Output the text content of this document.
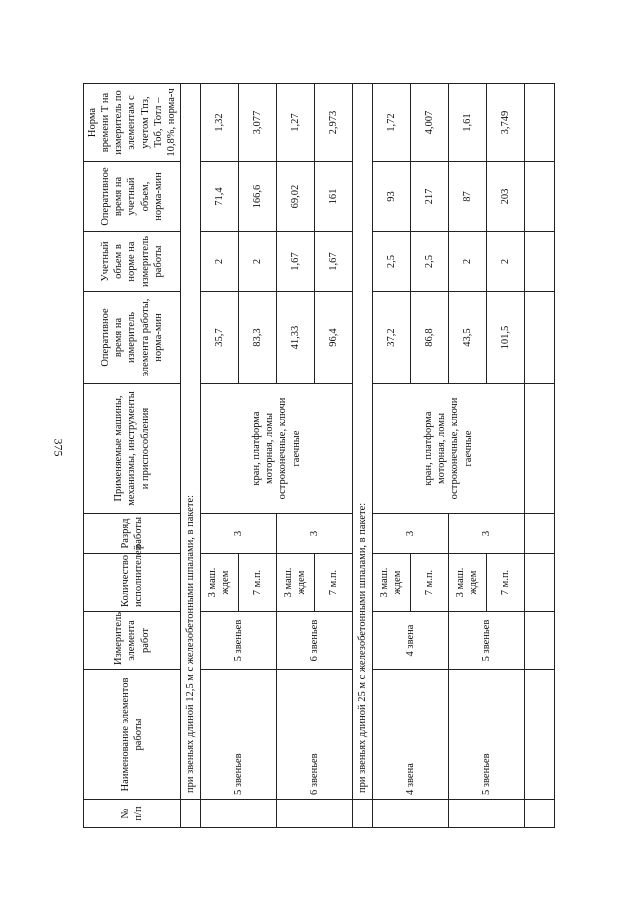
375
№ п/п	Наименование элементов работы	Измеритель элемента работ	Количество исполнителей	Разряд работы	Применяемые машины, механизмы, инструменты и приспособления	Оперативное время на измеритель элемента работы, норма-мин	Учетный объем в норме на измеритель работы	Оперативное время на учетный объем, норма-мин	Норма времени Т на измеритель по элементам с учетом Тпз, Тоб, Тотл – 10,8%, норма-ч
	при звеньях длиной 12,5 м с железобетонными шпалами, в пакете:								
	5 звеньев	5 звеньев	3 маш. ждем	3	кран, платформа моторная, ломы остроконечные, ключи гаечные	35,7	2	71,4	1,32
			7 м.п.			83,3	2	166,6	3,077
	6 звеньев	6 звеньев	3 маш. ждем	3		41,33	1,67	69,02	1,27
			7 м.п.			96,4	1,67	161	2,973
	при звеньях длиной 25 м с железобетонными шпалами, в пакете:								
	4 звена	4 звена	3 маш. ждем	3	кран, платформа моторная, ломы остроконечные, ключи гаечные	37,2	2,5	93	1,72
			7 м.п.			86,8	2,5	217	4,007
	5 звеньев	5 звеньев	3 маш. ждем	3		43,5	2	87	1,61
			7 м.п.			101,5	2	203	3,749
